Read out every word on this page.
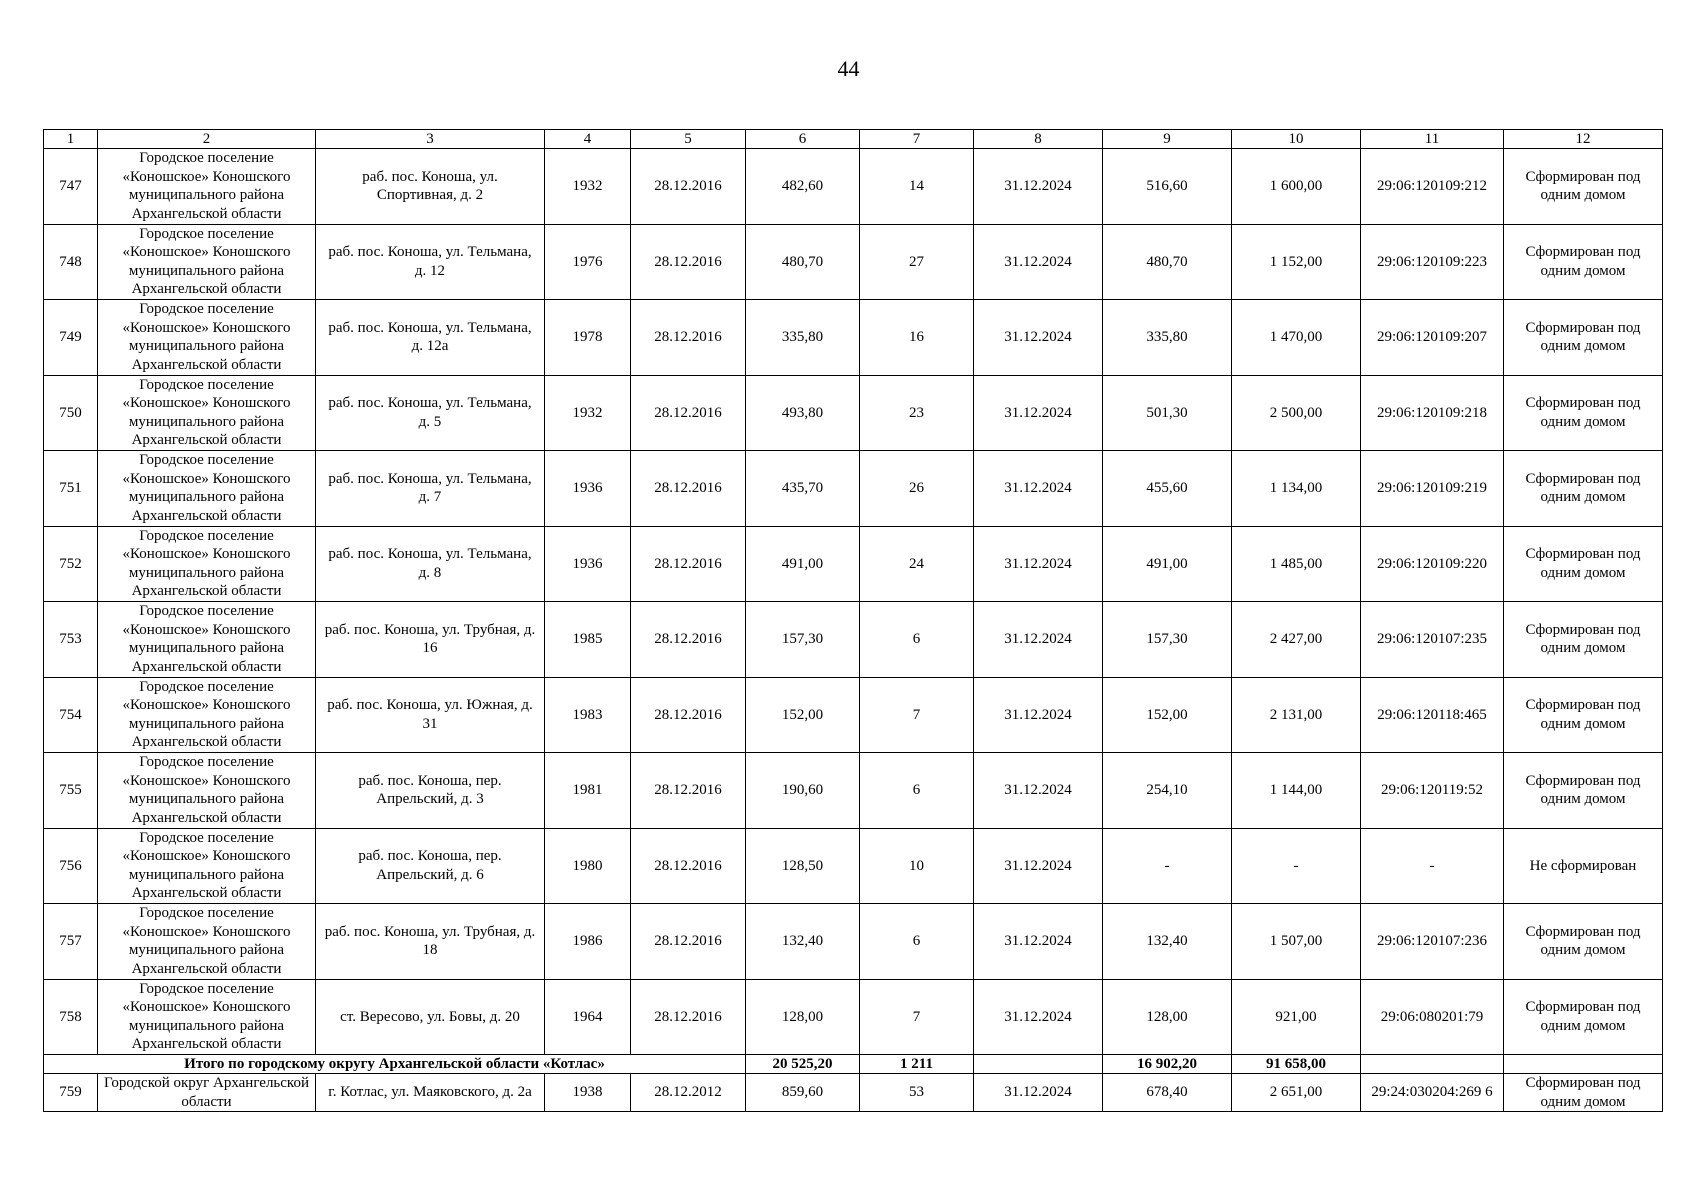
44
1	2	3	4	5	6	7	8	9	10	11	12
747	Городское поселение «Коношское» Коношского муниципального района Архангельской области	раб. пос. Коноша, ул. Спортивная, д. 2	1932	28.12.2016	482,60	14	31.12.2024	516,60	1 600,00	29:06:120109:212	Сформирован под одним домом
748	Городское поселение «Коношское» Коношского муниципального района Архангельской области	раб. пос. Коноша, ул. Тельмана, д. 12	1976	28.12.2016	480,70	27	31.12.2024	480,70	1 152,00	29:06:120109:223	Сформирован под одним домом
749	Городское поселение «Коношское» Коношского муниципального района Архангельской области	раб. пос. Коноша, ул. Тельмана, д. 12а	1978	28.12.2016	335,80	16	31.12.2024	335,80	1 470,00	29:06:120109:207	Сформирован под одним домом
750	Городское поселение «Коношское» Коношского муниципального района Архангельской области	раб. пос. Коноша, ул. Тельмана, д. 5	1932	28.12.2016	493,80	23	31.12.2024	501,30	2 500,00	29:06:120109:218	Сформирован под одним домом
751	Городское поселение «Коношское» Коношского муниципального района Архангельской области	раб. пос. Коноша, ул. Тельмана, д. 7	1936	28.12.2016	435,70	26	31.12.2024	455,60	1 134,00	29:06:120109:219	Сформирован под одним домом
752	Городское поселение «Коношское» Коношского муниципального района Архангельской области	раб. пос. Коноша, ул. Тельмана, д. 8	1936	28.12.2016	491,00	24	31.12.2024	491,00	1 485,00	29:06:120109:220	Сформирован под одним домом
753	Городское поселение «Коношское» Коношского муниципального района Архангельской области	раб. пос. Коноша, ул. Трубная, д. 16	1985	28.12.2016	157,30	6	31.12.2024	157,30	2 427,00	29:06:120107:235	Сформирован под одним домом
754	Городское поселение «Коношское» Коношского муниципального района Архангельской области	раб. пос. Коноша, ул. Южная, д. 31	1983	28.12.2016	152,00	7	31.12.2024	152,00	2 131,00	29:06:120118:465	Сформирован под одним домом
755	Городское поселение «Коношское» Коношского муниципального района Архангельской области	раб. пос. Коноша, пер. Апрельский, д. 3	1981	28.12.2016	190,60	6	31.12.2024	254,10	1 144,00	29:06:120119:52	Сформирован под одним домом
756	Городское поселение «Коношское» Коношского муниципального района Архангельской области	раб. пос. Коноша, пер. Апрельский, д. 6	1980	28.12.2016	128,50	10	31.12.2024	-	-	-	Не сформирован
757	Городское поселение «Коношское» Коношского муниципального района Архангельской области	раб. пос. Коноша, ул. Трубная, д. 18	1986	28.12.2016	132,40	6	31.12.2024	132,40	1 507,00	29:06:120107:236	Сформирован под одним домом
758	Городское поселение «Коношское» Коношского муниципального района Архангельской области	ст. Вересово, ул. Бовы, д. 20	1964	28.12.2016	128,00	7	31.12.2024	128,00	921,00	29:06:080201:79	Сформирован под одним домом
Итого по городскому округу Архангельской области «Котлас»					20 525,20	1 211		16 902,20	91 658,00		
759	Городской округ Архангельской области	г. Котлас, ул. Маяковского, д. 2а	1938	28.12.2012	859,60	53	31.12.2024	678,40	2 651,00	29:24:030204:269 6	Сформирован под одним домом
